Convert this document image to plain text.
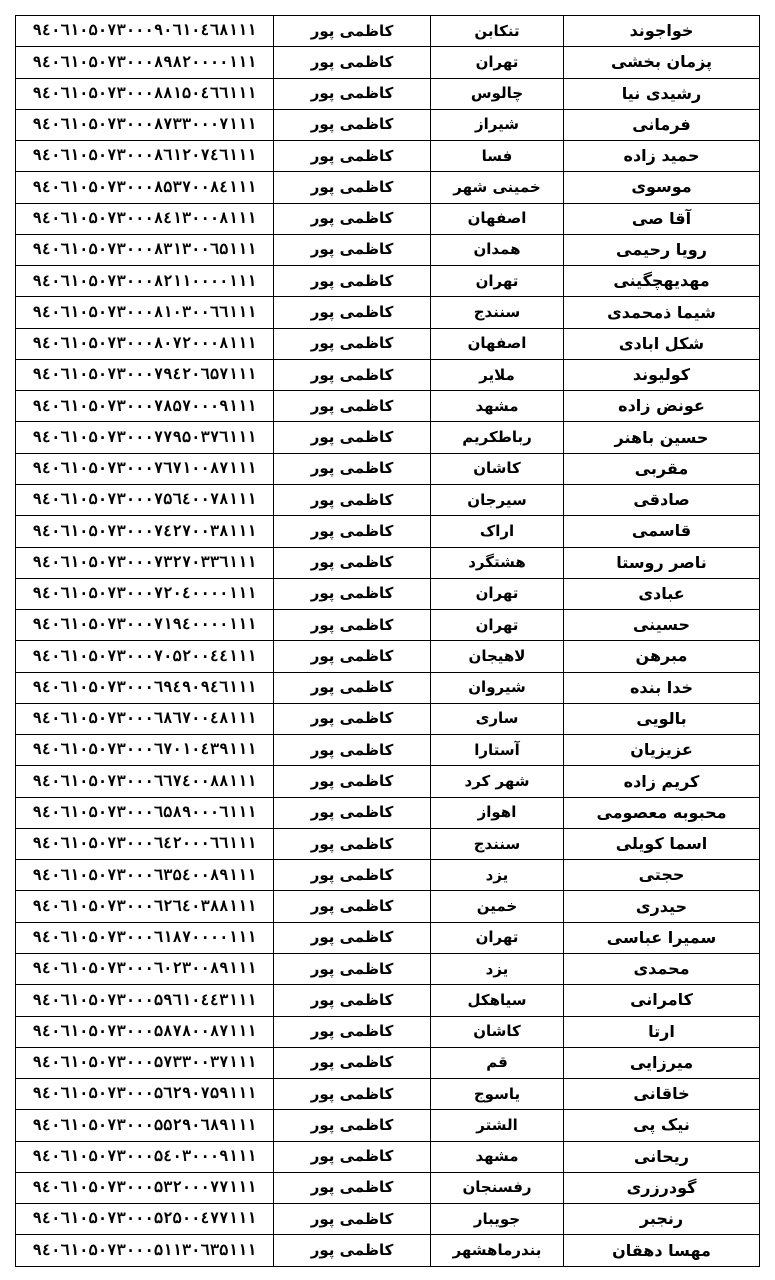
خواجوند	تنکابن	کاظمی پور	۹٤۰٦۱۰۵۰۷۳۰۰۰۹۰٦۱۰٤٦۸۱۱۱
پزمان بخشی	تهران	کاظمی پور	۹٤۰٦۱۰۵۰۷۳۰۰۰۸۹۸۲۰۰۰۰۱۱۱
رشیدی نیا	چالوس	کاظمی پور	۹٤۰٦۱۰۵۰۷۳۰۰۰۸۸۱۵۰٤٦٦۱۱۱
فرمانی	شیراز	کاظمی پور	۹٤۰٦۱۰۵۰۷۳۰۰۰۸۷۳۳۰۰۰۷۱۱۱
حمید زاده	فسا	کاظمی پور	۹٤۰٦۱۰۵۰۷۳۰۰۰۸٦۱۲۰۷٤٦۱۱۱
موسوی	خمینی شهر	کاظمی پور	۹٤۰٦۱۰۵۰۷۳۰۰۰۸۵۳۷۰۰۸٤۱۱۱
آقا صی	اصفهان	کاظمی پور	۹٤۰٦۱۰۵۰۷۳۰۰۰۸٤۱۳۰۰۰۸۱۱۱
رویا رحیمی	همدان	کاظمی پور	۹٤۰٦۱۰۵۰۷۳۰۰۰۸۳۱۳۰۰٦۵۱۱۱
مهدیهچگینی	تهران	کاظمی پور	۹٤۰٦۱۰۵۰۷۳۰۰۰۸۲۱۱۰۰۰۰۱۱۱
شیما ذمحمدی	سنندج	کاظمی پور	۹٤۰٦۱۰۵۰۷۳۰۰۰۸۱۰۳۰۰٦٦۱۱۱
شکل ابادی	اصفهان	کاظمی پور	۹٤۰٦۱۰۵۰۷۳۰۰۰۸۰۷۲۰۰۰۸۱۱۱
کولیوند	ملایر	کاظمی پور	۹٤۰٦۱۰۵۰۷۳۰۰۰۷۹٤۲۰٦۵۷۱۱۱
عونض زاده	مشهد	کاظمی پور	۹٤۰٦۱۰۵۰۷۳۰۰۰۷۸۵۷۰۰۰۹۱۱۱
حسین باهنر	رباطکریم	کاظمی پور	۹٤۰٦۱۰۵۰۷۳۰۰۰۷۷۹۵۰۳۷٦۱۱۱
مقربی	کاشان	کاظمی پور	۹٤۰٦۱۰۵۰۷۳۰۰۰۷٦۷۱۰۰۸۷۱۱۱
صادقی	سیرجان	کاظمی پور	۹٤۰٦۱۰۵۰۷۳۰۰۰۷۵٦٤۰۰۷۸۱۱۱
قاسمی	اراک	کاظمی پور	۹٤۰٦۱۰۵۰۷۳۰۰۰۷٤۲۷۰۰۳۸۱۱۱
ناصر روستا	هشتگرد	کاظمی پور	۹٤۰٦۱۰۵۰۷۳۰۰۰۷۳۲۷۰۳۳٦۱۱۱
عبادی	تهران	کاظمی پور	۹٤۰٦۱۰۵۰۷۳۰۰۰۷۲۰٤۰۰۰۰۱۱۱
حسینی	تهران	کاظمی پور	۹٤۰٦۱۰۵۰۷۳۰۰۰۷۱۹٤۰۰۰۰۱۱۱
مبرهن	لاهیجان	کاظمی پور	۹٤۰٦۱۰۵۰۷۳۰۰۰۷۰۵۲۰۰٤٤۱۱۱
خدا بنده	شیروان	کاظمی پور	۹٤۰٦۱۰۵۰۷۳۰۰۰٦۹٤۹۰۹٤٦۱۱۱
بالویی	ساری	کاظمی پور	۹٤۰٦۱۰۵۰۷۳۰۰۰٦۸٦۷۰۰٤۸۱۱۱
عزیزیان	آستارا	کاظمی پور	۹٤۰٦۱۰۵۰۷۳۰۰۰٦۷۰۱۰٤۳۹۱۱۱
کریم زاده	شهر کرد	کاظمی پور	۹٤۰٦۱۰۵۰۷۳۰۰۰٦٦۷٤۰۰۸۸۱۱۱
محبوبه معصومی	اهواز	کاظمی پور	۹٤۰٦۱۰۵۰۷۳۰۰۰٦۵۸۹۰۰۰٦۱۱۱
اسما کویلی	سنندج	کاظمی پور	۹٤۰٦۱۰۵۰۷۳۰۰۰٦٤۲۰۰۰٦٦۱۱۱
حجتی	یزد	کاظمی پور	۹٤۰٦۱۰۵۰۷۳۰۰۰٦۳۵٤۰۰۸۹۱۱۱
حیدری	خمین	کاظمی پور	۹٤۰٦۱۰۵۰۷۳۰۰۰٦۲٦٤۰۳۸۸۱۱۱
سمیرا عباسی	تهران	کاظمی پور	۹٤۰٦۱۰۵۰۷۳۰۰۰٦۱۸۷۰۰۰۰۱۱۱
محمدی	یزد	کاظمی پور	۹٤۰٦۱۰۵۰۷۳۰۰۰٦۰۲۳۰۰۸۹۱۱۱
کامرانی	سیاهکل	کاظمی پور	۹٤۰٦۱۰۵۰۷۳۰۰۰۵۹٦۱۰٤٤۳۱۱۱
ارتا	کاشان	کاظمی پور	۹٤۰٦۱۰۵۰۷۳۰۰۰۵۸۷۸۰۰۸۷۱۱۱
میرزایی	قم	کاظمی پور	۹٤۰٦۱۰۵۰۷۳۰۰۰۵۷۳۳۰۰۳۷۱۱۱
خاقانی	یاسوج	کاظمی پور	۹٤۰٦۱۰۵۰۷۳۰۰۰۵٦۲۹۰۷۵۹۱۱۱
نیک پی	الشتر	کاظمی پور	۹٤۰٦۱۰۵۰۷۳۰۰۰۵۵۲۹۰٦۸۹۱۱۱
ریحانی	مشهد	کاظمی پور	۹٤۰٦۱۰۵۰۷۳۰۰۰۵٤۰۳۰۰۰۹۱۱۱
گودرزری	رفسنجان	کاظمی پور	۹٤۰٦۱۰۵۰۷۳۰۰۰۵۳۲۰۰۰۷۷۱۱۱
رنجبر	جویبار	کاظمی پور	۹٤۰٦۱۰۵۰۷۳۰۰۰۵۲۵۰۰٤۷۷۱۱۱
مهسا دهقان	بندرماهشهر	کاظمی پور	۹٤۰٦۱۰۵۰۷۳۰۰۰۵۱۱۳۰٦۳۵۱۱۱
